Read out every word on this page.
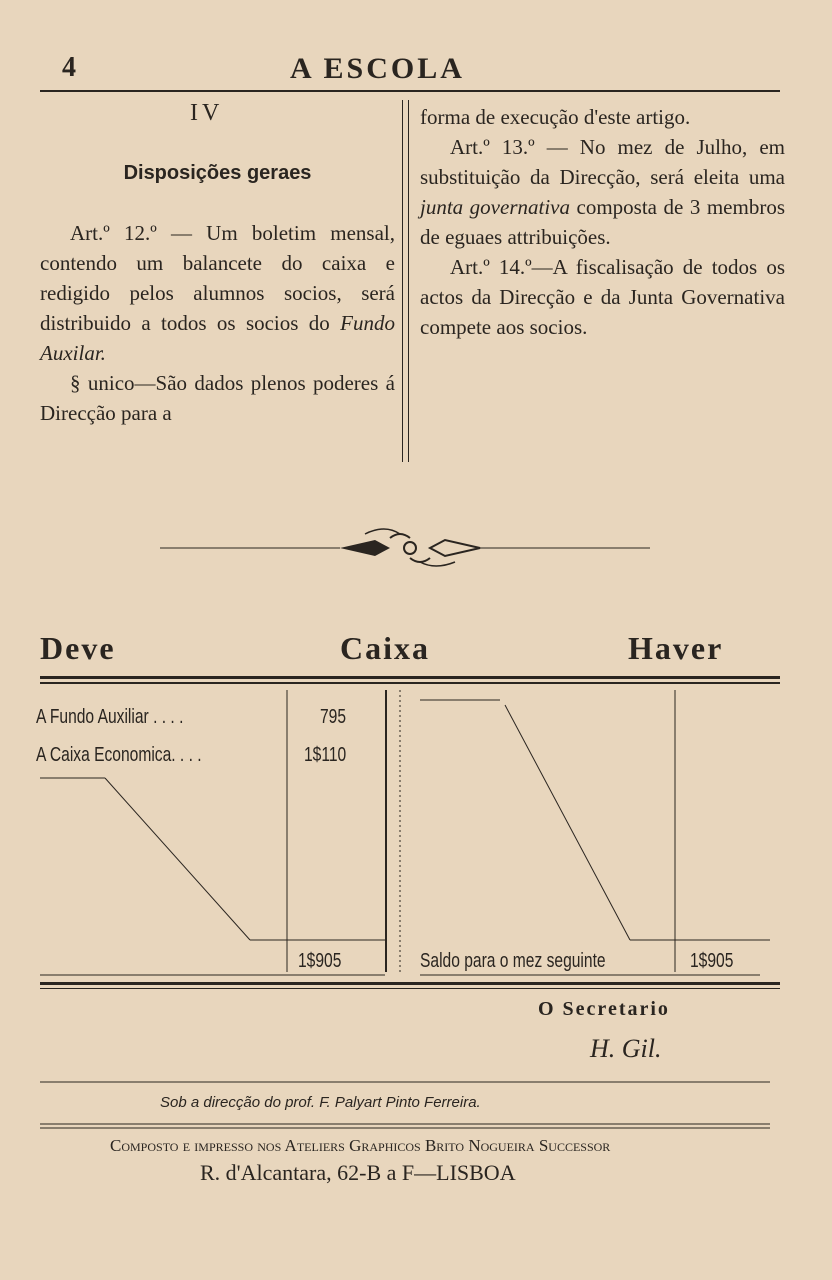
4	A ESCOLA
IV
Disposições geraes

Art.º 12.º — Um boletim mensal, contendo um balancete do caixa e redigido pelos alumnos socios, será distribuido a todos os socios do Fundo Auxilar.

§ unico—São dados plenos poderes á Direcção para a

forma de execução d'este artigo.

Art.º 13.º — No mez de Julho, em substituição da Direcção, será eleita uma junta governativa composta de 3 membros de eguaes attribuições.

Art.º 14.º—A fiscalisação de todos os actos da Direcção e da Junta Governativa compete aos socios.

Deve	Caixa	Haver
A Fundo Auxiliar . . . .	795
A Caixa Economica. . . .	1$110
1$905	Saldo para o mez seguinte	1$905
O Secretario
H. Gil.
Sob a direcção do prof. F. Palyart Pinto Ferreira.
Composto e impresso nos Ateliers Graphicos Brito Nogueira Successor
R. d'Alcantara, 62-B a F—LISBOA
